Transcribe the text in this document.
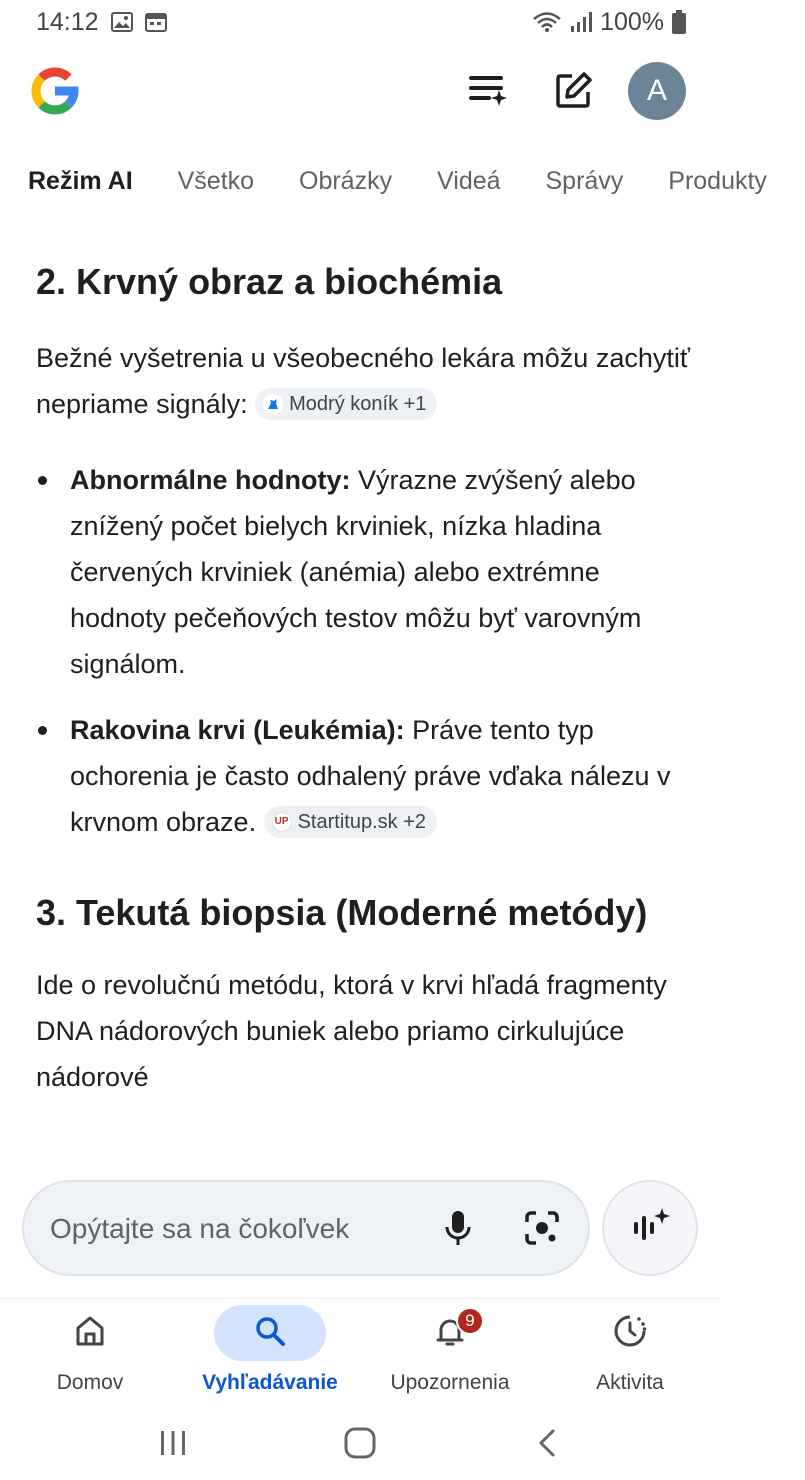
14:12	100%
A
Režim AI Všetko Obrázky Videá Správy Produkty
2. Krvný obraz a biochémia

Bežné vyšetrenia u všeobecného lekára môžu zachytiť nepriame signály: Modrý koník +1

Abnormálne hodnoty: Výrazne zvýšený alebo znížený počet bielych krviniek, nízka hladina červených krviniek (anémia) alebo extrémne hodnoty pečeňových testov môžu byť varovným signálom.
Rakovina krvi (Leukémia): Práve tento typ ochorenia je často odhalený práve vďaka nálezu v krvnom obraze.	UP Startitup.sk +2
3. Tekutá biopsia (Moderné metódy)

Ide o revolučnú metódu, ktorá v krvi hľadá fragmenty DNA nádorových buniek alebo priamo cirkulujúce nádorové

Opýtajte sa na čokoľvek
Domov	Vyhľadávanie
9
Upozornenia	Aktivita
